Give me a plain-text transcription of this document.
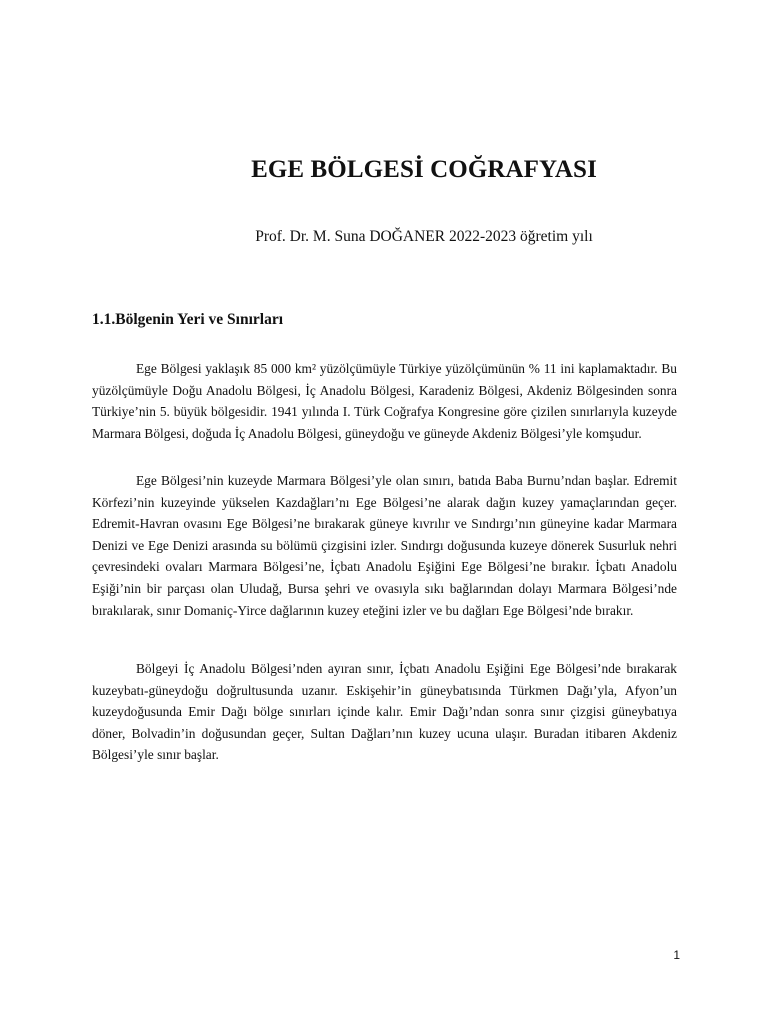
EGE BÖLGESİ COĞRAFYASI
Prof. Dr. M. Suna DOĞANER 2022-2023 öğretim yılı
1.1.Bölgenin Yeri ve Sınırları

Ege Bölgesi yaklaşık 85 000 km² yüzölçümüyle Türkiye yüzölçümünün % 11 ini kaplamaktadır. Bu yüzölçümüyle Doğu Anadolu Bölgesi, İç Anadolu Bölgesi, Karadeniz Bölgesi, Akdeniz Bölgesinden sonra Türkiye’nin 5. büyük bölgesidir. 1941 yılında I. Türk Coğrafya Kongresine göre çizilen sınırlarıyla kuzeyde Marmara Bölgesi, doğuda İç Anadolu Bölgesi, güneydoğu ve güneyde Akdeniz Bölgesi’yle komşudur.

Ege Bölgesi’nin kuzeyde Marmara Bölgesi’yle olan sınırı, batıda Baba Burnu’ndan başlar. Edremit Körfezi’nin kuzeyinde yükselen Kazdağları’nı Ege Bölgesi’ne alarak dağın kuzey yamaçlarından geçer. Edremit-Havran ovasını Ege Bölgesi’ne bırakarak güneye kıvrılır ve Sındırgı’nın güneyine kadar Marmara Denizi ve Ege Denizi arasında su bölümü çizgisini izler. Sındırgı doğusunda kuzeye dönerek Susurluk nehri çevresindeki ovaları Marmara Bölgesi’ne, İçbatı Anadolu Eşiğini Ege Bölgesi’ne bırakır. İçbatı Anadolu Eşiği’nin bir parçası olan Uludağ, Bursa şehri ve ovasıyla sıkı bağlarından dolayı Marmara Bölgesi’nde bırakılarak, sınır Domaniç-Yirce dağlarının kuzey eteğini izler ve bu dağları Ege Bölgesi’nde bırakır.

Bölgeyi İç Anadolu Bölgesi’nden ayıran sınır, İçbatı Anadolu Eşiğini Ege Bölgesi’nde bırakarak kuzeybatı-güneydoğu doğrultusunda uzanır. Eskişehir’in güneybatısında Türkmen Dağı’yla, Afyon’un kuzeydoğusunda Emir Dağı bölge sınırları içinde kalır. Emir Dağı’ndan sonra sınır çizgisi güneybatıya döner, Bolvadin’in doğusundan geçer, Sultan Dağları’nın kuzey ucuna ulaşır. Buradan itibaren Akdeniz Bölgesi’yle sınır başlar.

1
